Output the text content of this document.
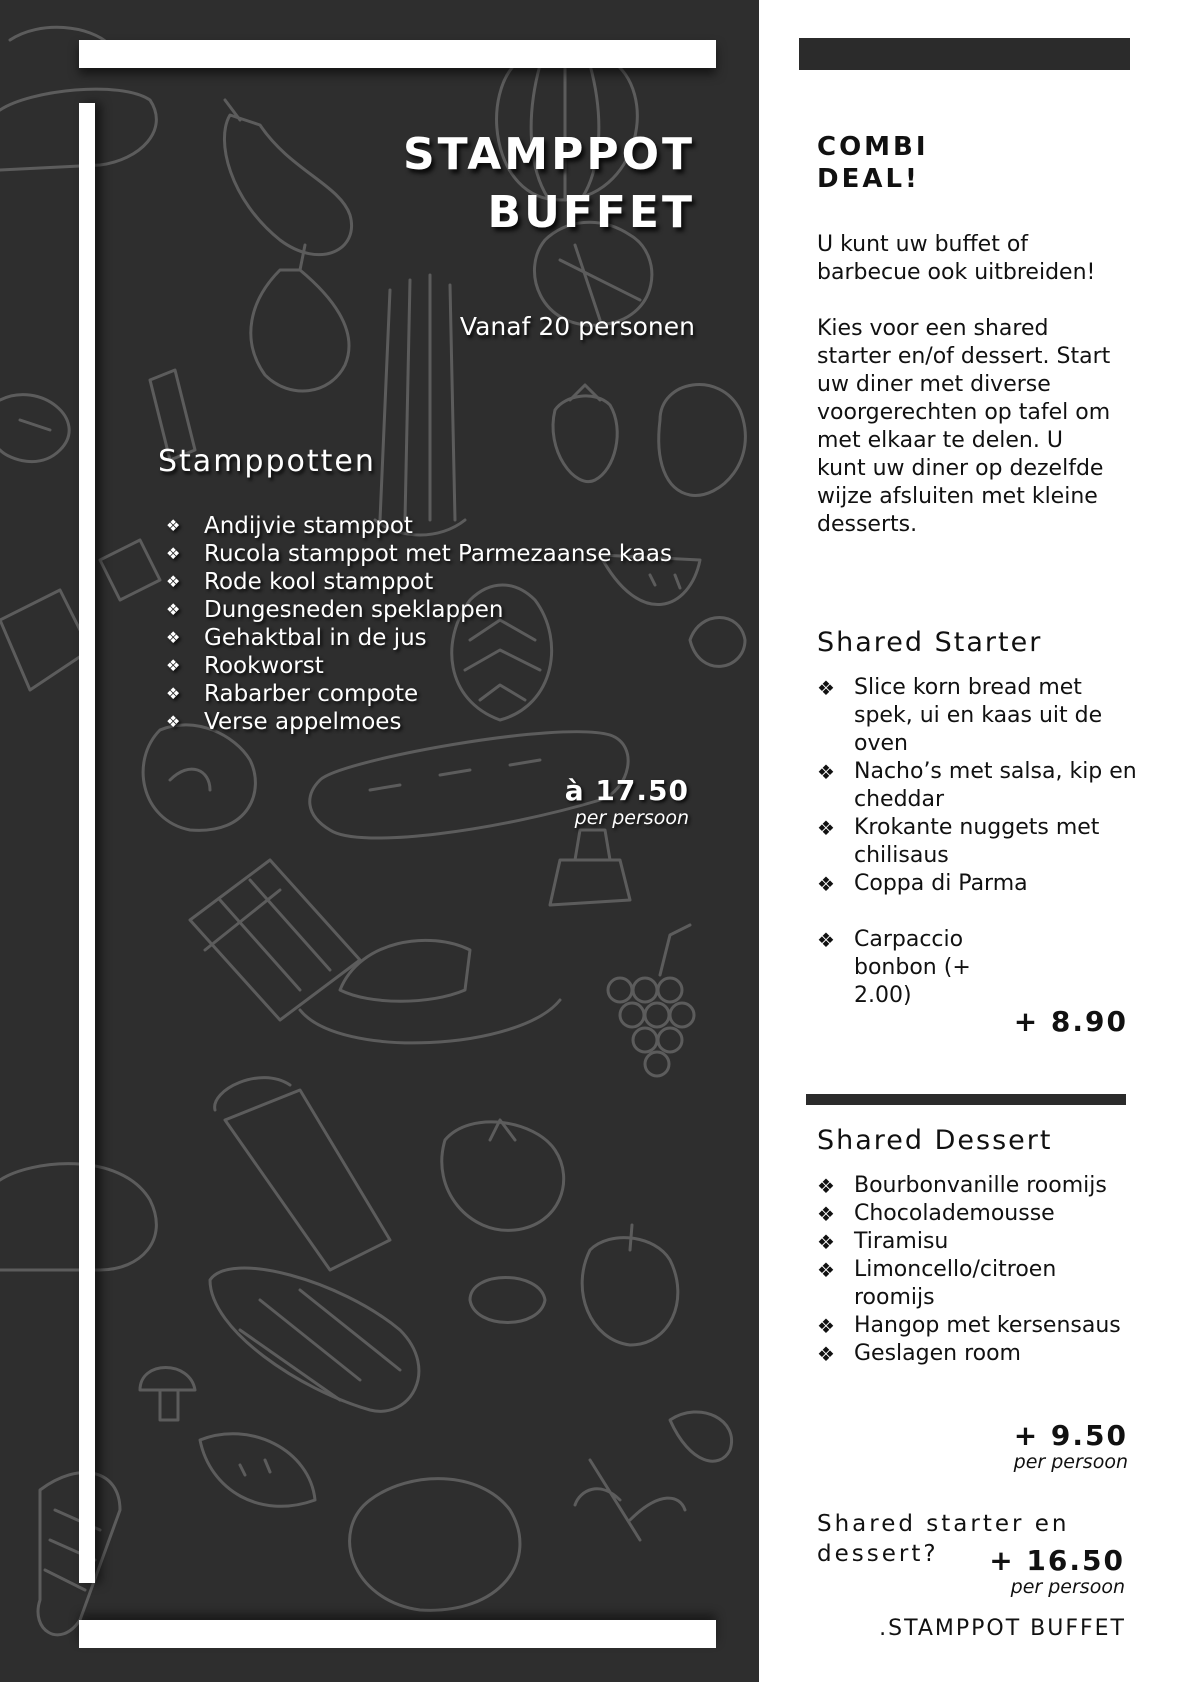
STAMPPOT
BUFFET
Vanaf 20 personen
Stamppotten
❖	Andijvie stamppot
❖	Rucola stamppot met Parmezaanse kaas
❖	Rode kool stamppot
❖	Dungesneden speklappen
❖	Gehaktbal in de jus
❖	Rookworst
❖	Rabarber compote
❖	Verse appelmoes
à 17.50
per persoon
COMBI
DEAL!

U kunt uw buffet of barbecue ook uitbreiden!

Kies voor een shared starter en/of dessert. Start uw diner met diverse voorgerechten op tafel om met elkaar te delen. U kunt uw diner op dezelfde wijze afsluiten met kleine desserts.

Shared Starter
❖ Slice korn bread met spek, ui en kaas uit de oven
❖ Nacho’s met salsa, kip en cheddar
❖ Krokante nuggets met chilisaus
❖ Coppa di Parma
❖ Carpaccio bonbon (+ 2.00)
+ 8.90
Shared Dessert
❖ Bourbonvanille roomijs
❖ Chocolademousse
❖ Tiramisu
❖ Limoncello/citroen roomijs
❖ Hangop met kersensaus
❖ Geslagen room
+ 9.50
per persoon
Shared starter en
dessert?	+ 16.50
per persoon
.STAMPPOT BUFFET
